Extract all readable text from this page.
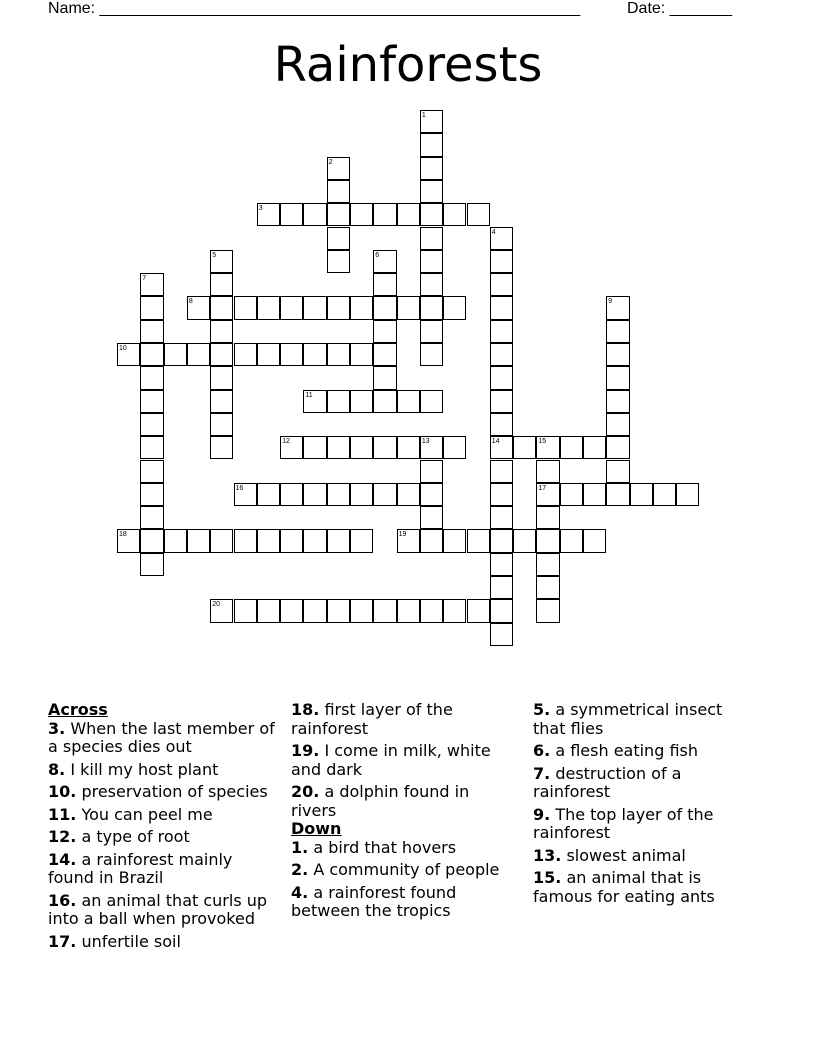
Name: ______________________________________________________	Date: _______
Rainforests
1
2
3
4
5	6
7
8	9
10
11
12	13	14	15
16	17
18	19
20

Across

3. When the last member of a species dies out

8. I kill my host plant

10. preservation of species

11. You can peel me

12. a type of root

14. a rainforest mainly found in Brazil

16. an animal that curls up into a ball when provoked

17. unfertile soil

18. first layer of the rainforest

19. I come in milk, white and dark

20. a dolphin found in rivers

Down

1. a bird that hovers

2. A community of people

4. a rainforest found between the tropics

5. a symmetrical insect that flies

6. a flesh eating fish

7. destruction of a rainforest

9. The top layer of the rainforest

13. slowest animal

15. an animal that is famous for eating ants
